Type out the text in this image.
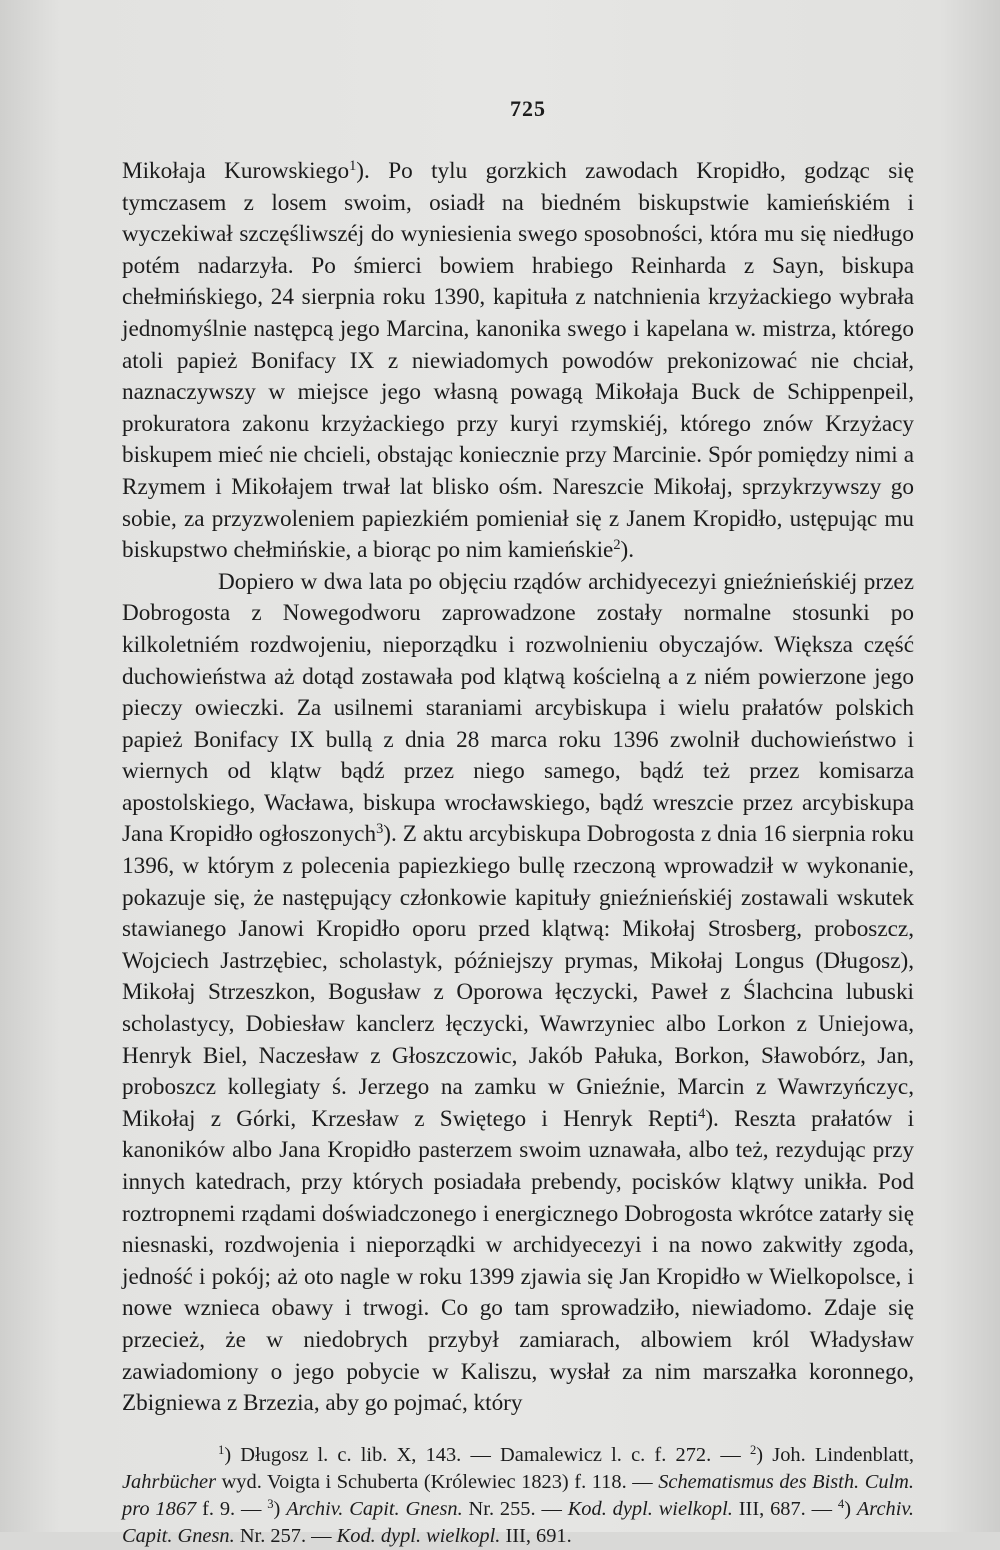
725

Mikołaja Kurowskiego$^1$). Po tylu gorzkich zawodach Kropidło, godząc się tymczasem z losem swoim, osiadł na biedném biskupstwie kamieńskiém i wyczekiwał szczęśliwszéj do wyniesienia swego sposobności, która mu się niedługo potém nadarzyła. Po śmierci bowiem hrabiego Reinharda z Sayn, biskupa chełmińskiego, 24 sierpnia roku 1390, kapituła z natchnienia krzyżackiego wybrała jednomyślnie następcą jego Marcina, kanonika swego i kapelana w. mistrza, którego atoli papież Bonifacy IX z niewiadomych powodów prekonizować nie chciał, naznaczywszy w miejsce jego własną powagą Mikołaja Buck de Schippenpeil, prokuratora zakonu krzyżackiego przy kuryi rzymskiéj, którego znów Krzyżacy biskupem mieć nie chcieli, obstając koniecznie przy Marcinie. Spór pomiędzy nimi a Rzymem i Mikołajem trwał lat blisko ośm. Nareszcie Mikołaj, sprzykrzywszy go sobie, za przyzwoleniem papiezkiém pomieniał się z Janem Kropidło, ustępując mu biskupstwo chełmińskie, a biorąc po nim kamieńskie$^2$).

Dopiero w dwa lata po objęciu rządów archidyecezyi gnieźnieńskiéj przez Dobrogosta z Nowegodworu zaprowadzone zostały normalne stosunki po kilkoletniém rozdwojeniu, nieporządku i rozwolnieniu obyczajów. Większa część duchowieństwa aż dotąd zostawała pod klątwą kościelną a z niém powierzone jego pieczy owieczki. Za usilnemi staraniami arcybiskupa i wielu prałatów polskich papież Bonifacy IX bullą z dnia 28 marca roku 1396 zwolnił duchowieństwo i wiernych od klątw bądź przez niego samego, bądź też przez komisarza apostolskiego, Wacława, biskupa wrocławskiego, bądź wreszcie przez arcybiskupa Jana Kropidło ogłoszonych$^3$). Z aktu arcybiskupa Dobrogosta z dnia 16 sierpnia roku 1396, w którym z polecenia papiezkiego bullę rzeczoną wprowadził w wykonanie, pokazuje się, że następujący członkowie kapituły gnieźnieńskiéj zostawali wskutek stawianego Janowi Kropidło oporu przed klątwą: Mikołaj Strosberg, proboszcz, Wojciech Jastrzębiec, scholastyk, późniejszy prymas, Mikołaj Longus (Długosz), Mikołaj Strzeszkon, Bogusław z Oporowa łęczycki, Paweł z Ślachcina lubuski scholastycy, Dobiesław kanclerz łęczycki, Wawrzyniec albo Lorkon z Uniejowa, Henryk Biel, Naczesław z Głoszczowic, Jakób Pałuka, Borkon, Sławobórz, Jan, proboszcz kollegiaty ś. Jerzego na zamku w Gnieźnie, Marcin z Wawrzyńczyc, Mikołaj z Górki, Krzesław z Swiętego i Henryk Repti$^4$). Reszta prałatów i kanoników albo Jana Kropidło pasterzem swoim uznawała, albo też, rezydując przy innych katedrach, przy których posiadała prebendy, pocisków klątwy unikła. Pod roztropnemi rządami doświadczonego i energicznego Dobrogosta wkrótce zatarły się niesnaski, rozdwojenia i nieporządki w archidyecezyi i na nowo zakwitły zgoda, jedność i pokój; aż oto nagle w roku 1399 zjawia się Jan Kropidło w Wielkopolsce, i nowe wznieca obawy i trwogi. Co go tam sprowadziło, niewiadomo. Zdaje się przecież, że w niedobrych przybył zamiarach, albowiem król Władysław zawiadomiony o jego pobycie w Kaliszu, wysłał za nim marszałka koronnego, Zbigniewa z Brzezia, aby go pojmać, który

$^1$) Długosz l. c. lib. X, 143. — Damalewicz l. c. f. 272. — $^2$) Joh. Lindenblatt, Jahrbücher wyd. Voigta i Schuberta (Królewiec 1823) f. 118. — Schematismus des Bisth. Culm. pro 1867 f. 9. — $^3$) Archiv. Capit. Gnesn. Nr. 255. — Kod. dypl. wielkopl. III, 687. — $^4$) Archiv. Capit. Gnesn. Nr. 257. — Kod. dypl. wielkopl. III, 691.
